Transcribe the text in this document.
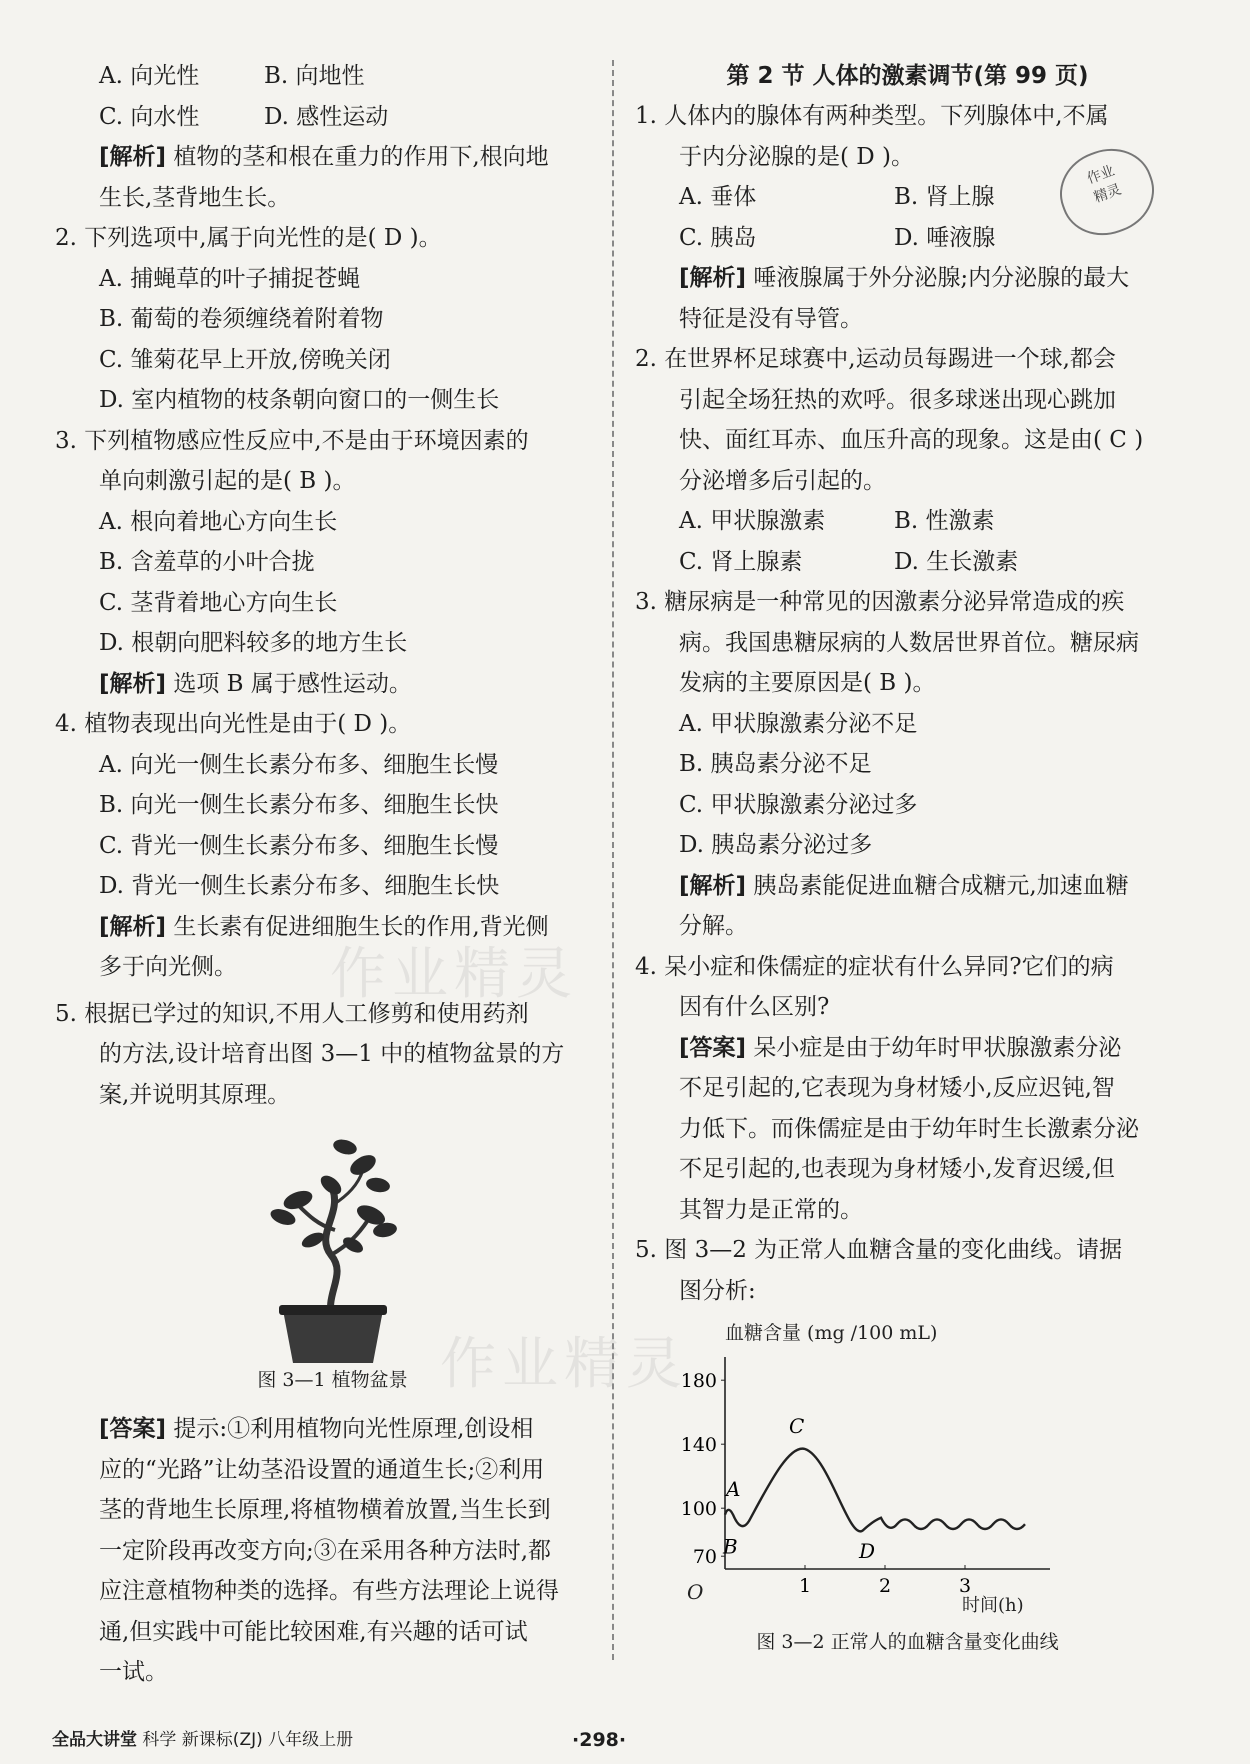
作业精灵
作业精灵
A. 向光性	B. 向地性
C. 向水性	D. 感性运动
[解析] 植物的茎和根在重力的作用下,根向地
生长,茎背地生长。
2. 下列选项中,属于向光性的是( D )。
A. 捕蝇草的叶子捕捉苍蝇
B. 葡萄的卷须缠绕着附着物
C. 雏菊花早上开放,傍晚关闭
D. 室内植物的枝条朝向窗口的一侧生长
3. 下列植物感应性反应中,不是由于环境因素的
单向刺激引起的是( B )。
A. 根向着地心方向生长
B. 含羞草的小叶合拢
C. 茎背着地心方向生长
D. 根朝向肥料较多的地方生长
[解析] 选项 B 属于感性运动。
4. 植物表现出向光性是由于( D )。
A. 向光一侧生长素分布多、细胞生长慢
B. 向光一侧生长素分布多、细胞生长快
C. 背光一侧生长素分布多、细胞生长慢
D. 背光一侧生长素分布多、细胞生长快
[解析] 生长素有促进细胞生长的作用,背光侧
多于向光侧。
5. 根据已学过的知识,不用人工修剪和使用药剂
的方法,设计培育出图 3—1 中的植物盆景的方
案,并说明其原理。
图 3—1 植物盆景
[答案] 提示:①利用植物向光性原理,创设相
应的“光路”让幼茎沿设置的通道生长;②利用
茎的背地生长原理,将植物横着放置,当生长到
一定阶段再改变方向;③在采用各种方法时,都
应注意植物种类的选择。有些方法理论上说得
通,但实践中可能比较困难,有兴趣的话可试
一试。
第 2 节 人体的激素调节(第 99 页)
1. 人体内的腺体有两种类型。下列腺体中,不属
于内分泌腺的是( D )。
A. 垂体	B. 肾上腺
C. 胰岛	D. 唾液腺
[解析] 唾液腺属于外分泌腺;内分泌腺的最大
特征是没有导管。
2. 在世界杯足球赛中,运动员每踢进一个球,都会
引起全场狂热的欢呼。很多球迷出现心跳加
快、面红耳赤、血压升高的现象。这是由( C )
分泌增多后引起的。
A. 甲状腺激素	B. 性激素
C. 肾上腺素	D. 生长激素
3. 糖尿病是一种常见的因激素分泌异常造成的疾
病。我国患糖尿病的人数居世界首位。糖尿病
发病的主要原因是( B )。
A. 甲状腺激素分泌不足
B. 胰岛素分泌不足
C. 甲状腺激素分泌过多
D. 胰岛素分泌过多
[解析] 胰岛素能促进血糖合成糖元,加速血糖
分解。
4. 呆小症和侏儒症的症状有什么异同?它们的病
因有什么区别?
[答案] 呆小症是由于幼年时甲状腺激素分泌
不足引起的,它表现为身材矮小,反应迟钝,智
力低下。而侏儒症是由于幼年时生长激素分泌
不足引起的,也表现为身材矮小,发育迟缓,但
其智力是正常的。
5. 图 3—2 为正常人血糖含量的变化曲线。请据
图分析:
血糖含量 (mg /100 mL)
O
时间(h)
180
140
100
70
1	2	3
A
B
C
D
图 3—2 正常人的血糖含量变化曲线
作业
精灵
全品大讲堂 科学 新课标(ZJ) 八年级上册	·298·
